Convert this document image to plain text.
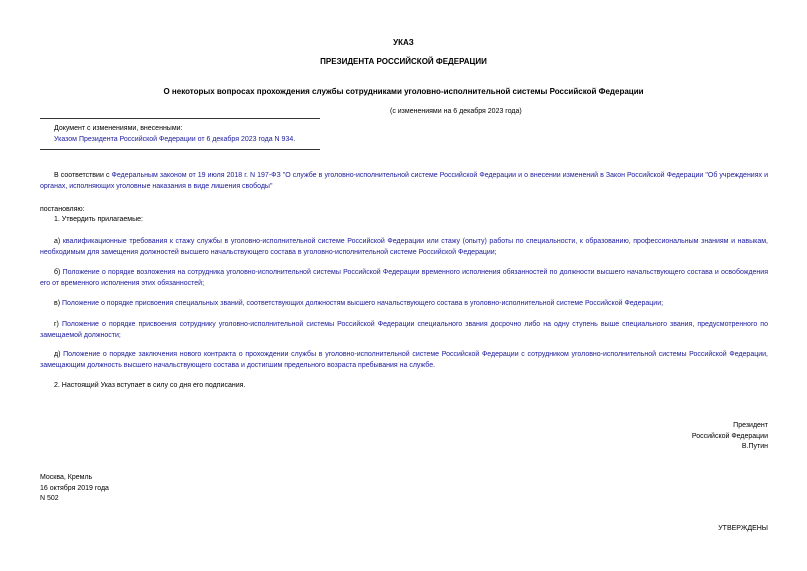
УКАЗ
ПРЕЗИДЕНТА РОССИЙСКОЙ ФЕДЕРАЦИИ
О некоторых вопросах прохождения службы сотрудниками уголовно-исполнительной системы Российской Федерации
(с изменениями на 6 декабря 2023 года)
Документ с изменениями, внесенными:
Указом Президента Российской Федерации от 6 декабря 2023 года N 934.
В соответствии с Федеральным законом от 19 июля 2018 г. N 197-ФЗ "О службе в уголовно-исполнительной системе Российской Федерации и о внесении изменений в Закон Российской Федерации "Об учреждениях и органах, исполняющих уголовные наказания в виде лишения свободы"
постановляю:
1. Утвердить прилагаемые:
а) квалификационные требования к стажу службы в уголовно-исполнительной системе Российской Федерации или стажу (опыту) работы по специальности, к образованию, профессиональным знаниям и навыкам, необходимым для замещения должностей высшего начальствующего состава в уголовно-исполнительной системе Российской Федерации;
б) Положение о порядке возложения на сотрудника уголовно-исполнительной системы Российской Федерации временного исполнения обязанностей по должности высшего начальствующего состава и освобождения его от временного исполнения этих обязанностей;
в) Положение о порядке присвоения специальных званий, соответствующих должностям высшего начальствующего состава в уголовно-исполнительной системе Российской Федерации;
г) Положение о порядке присвоения сотруднику уголовно-исполнительной системы Российской Федерации специального звания досрочно либо на одну ступень выше специального звания, предусмотренного по замещаемой должности;
д) Положение о порядке заключения нового контракта о прохождении службы в уголовно-исполнительной системе Российской Федерации с сотрудником уголовно-исполнительной системы Российской Федерации, замещающим должность высшего начальствующего состава и достигшим предельного возраста пребывания на службе.
2. Настоящий Указ вступает в силу со дня его подписания.
Президент
Российской Федерации
В.Путин
Москва, Кремль
16 октября 2019 года
N 502
УТВЕРЖДЕНЫ
